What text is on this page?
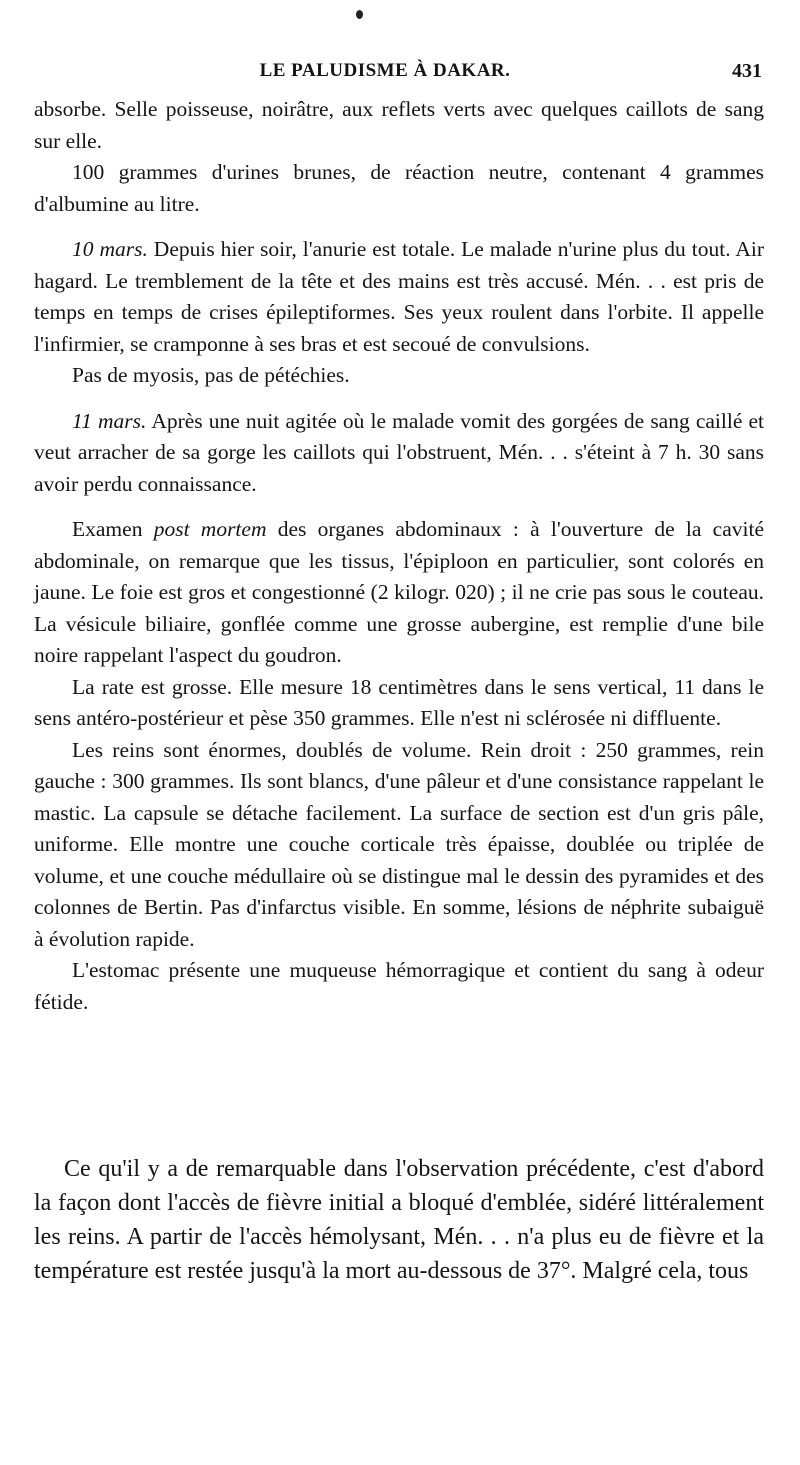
LE PALUDISME À DAKAR.	431

absorbe. Selle poisseuse, noirâtre, aux reflets verts avec quelques caillots de sang sur elle.

100 grammes d'urines brunes, de réaction neutre, contenant 4 grammes d'albumine au litre.

10 mars. Depuis hier soir, l'anurie est totale. Le malade n'urine plus du tout. Air hagard. Le tremblement de la tête et des mains est très accusé. Mén. . . est pris de temps en temps de crises épileptiformes. Ses yeux roulent dans l'orbite. Il appelle l'infirmier, se cramponne à ses bras et est secoué de convulsions.

Pas de myosis, pas de pétéchies.

11 mars. Après une nuit agitée où le malade vomit des gorgées de sang caillé et veut arracher de sa gorge les caillots qui l'obstruent, Mén. . . s'éteint à 7 h. 30 sans avoir perdu connaissance.

Examen post mortem des organes abdominaux : à l'ouverture de la cavité abdominale, on remarque que les tissus, l'épiploon en particulier, sont colorés en jaune. Le foie est gros et congestionné (2 kilogr. 020) ; il ne crie pas sous le couteau. La vésicule biliaire, gonflée comme une grosse aubergine, est remplie d'une bile noire rappelant l'aspect du goudron.

La rate est grosse. Elle mesure 18 centimètres dans le sens vertical, 11 dans le sens antéro-postérieur et pèse 350 grammes. Elle n'est ni sclérosée ni diffluente.

Les reins sont énormes, doublés de volume. Rein droit : 250 grammes, rein gauche : 300 grammes. Ils sont blancs, d'une pâleur et d'une consistance rappelant le mastic. La capsule se détache facilement. La surface de section est d'un gris pâle, uniforme. Elle montre une couche corticale très épaisse, doublée ou triplée de volume, et une couche médullaire où se distingue mal le dessin des pyramides et des colonnes de Bertin. Pas d'infarctus visible. En somme, lésions de néphrite subaiguë à évolution rapide.

L'estomac présente une muqueuse hémorragique et contient du sang à odeur fétide.

Ce qu'il y a de remarquable dans l'observation précédente, c'est d'abord la façon dont l'accès de fièvre initial a bloqué d'emblée, sidéré littéralement les reins. A partir de l'accès hémolysant, Mén. . . n'a plus eu de fièvre et la température est restée jusqu'à la mort au-dessous de 37°. Malgré cela, tous
